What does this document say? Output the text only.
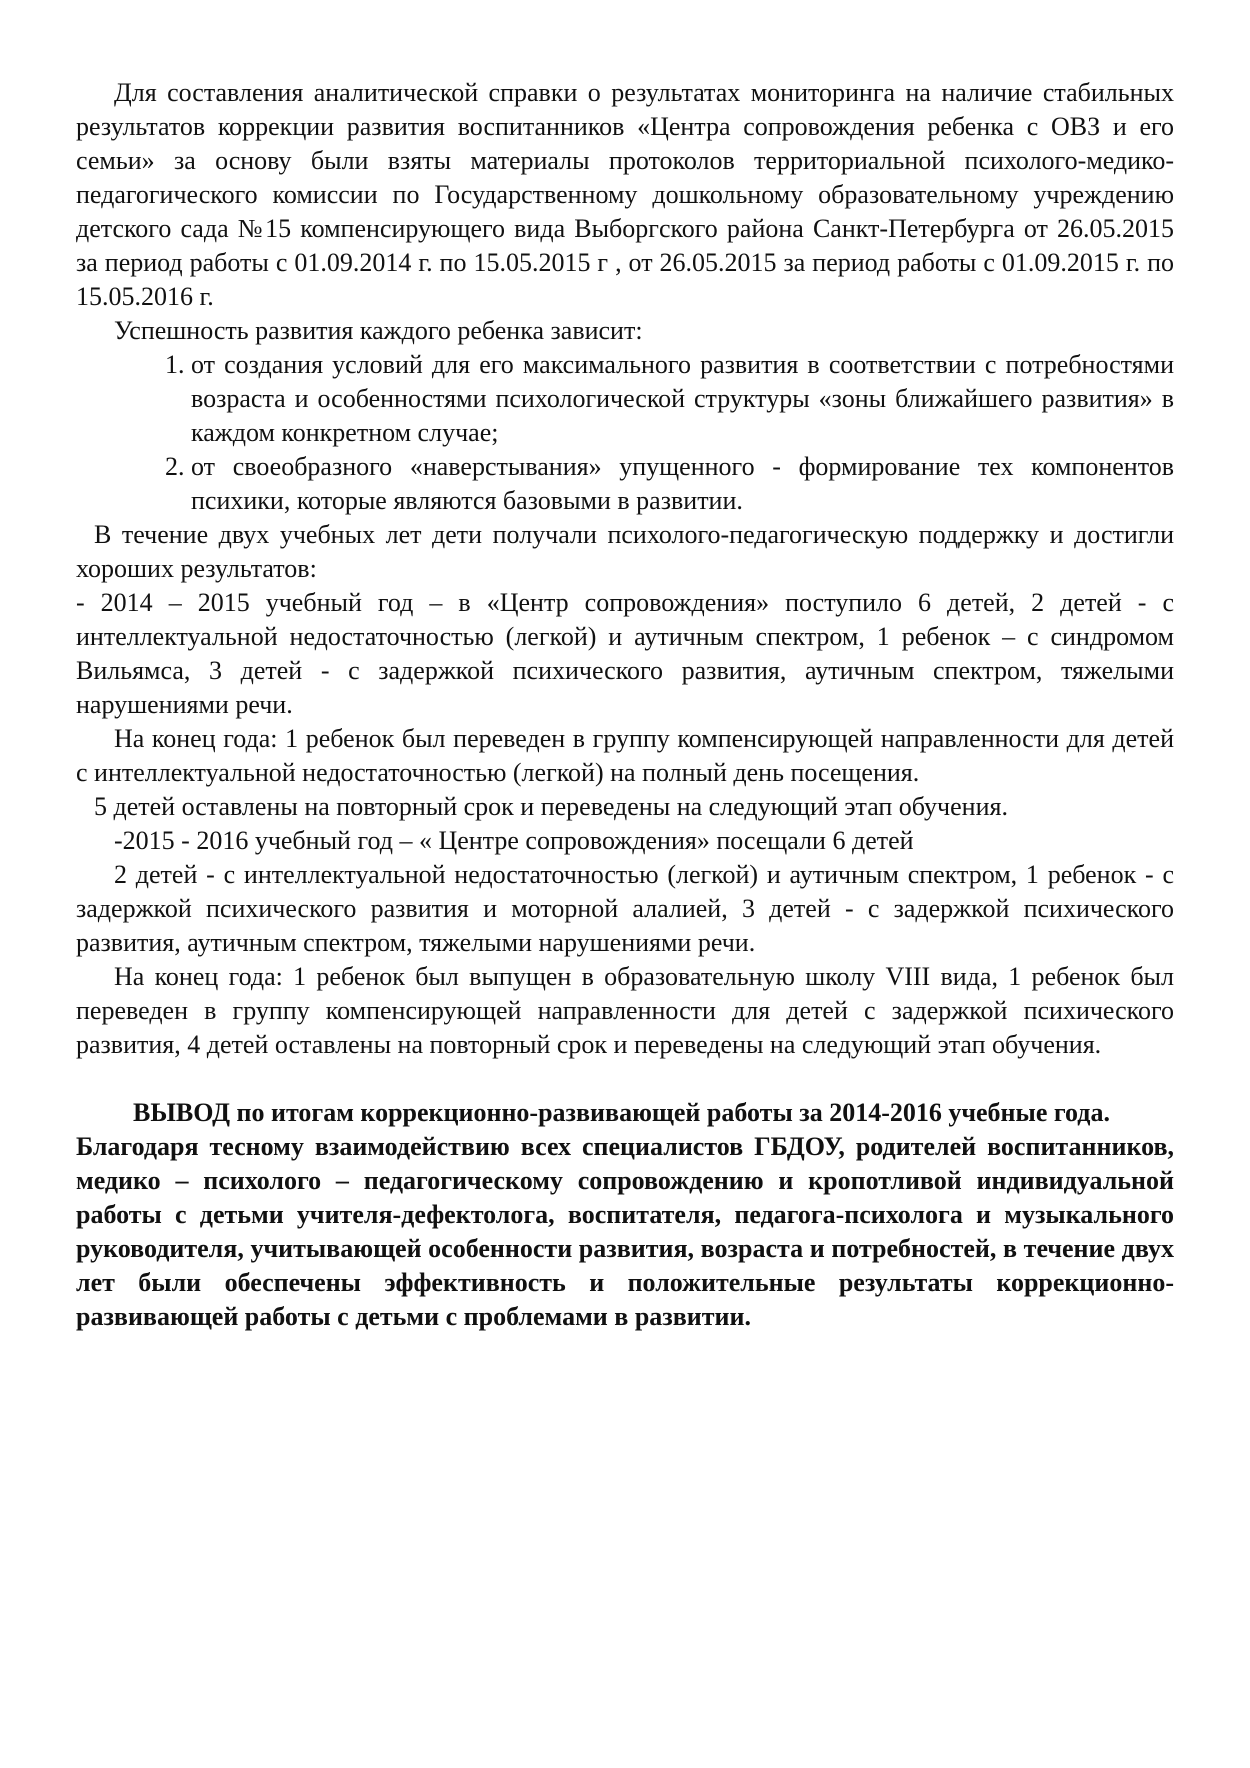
Для составления аналитической справки о результатах мониторинга на наличие стабильных результатов коррекции развития воспитанников «Центра сопровождения ребенка с ОВЗ и его семьи» за основу были взяты материалы протоколов территориальной психолого-медико-педагогического комиссии по Государственному дошкольному образовательному учреждению детского сада №15 компенсирующего вида Выборгского района Санкт-Петербурга от 26.05.2015 за период работы с 01.09.2014 г. по 15.05.2015 г , от 26.05.2015 за период работы с 01.09.2015 г. по 15.05.2016 г.

Успешность развития каждого ребенка зависит:

1. от создания условий для его максимального развития в соответствии с потребностями возраста и особенностями психологической структуры «зоны ближайшего развития» в каждом конкретном случае;
2. от своеобразного «наверстывания» упущенного - формирование тех компонентов психики, которые являются базовыми в развитии.

В течение двух учебных лет дети получали психолого-педагогическую поддержку и достигли хороших результатов:

- 2014 – 2015 учебный год – в «Центр сопровождения» поступило 6 детей, 2 детей - с интеллектуальной недостаточностью (легкой) и аутичным спектром, 1 ребенок – с синдромом Вильямса, 3 детей - с задержкой психического развития, аутичным спектром, тяжелыми нарушениями речи.

На конец года: 1 ребенок был переведен в группу компенсирующей направленности для детей с интеллектуальной недостаточностью (легкой) на полный день посещения.

5 детей оставлены на повторный срок и переведены на следующий этап обучения.

-2015 - 2016 учебный год – « Центре сопровождения» посещали 6 детей

2 детей - с интеллектуальной недостаточностью (легкой) и аутичным спектром, 1 ребенок - с задержкой психического развития и моторной алалией, 3 детей - с задержкой психического развития, аутичным спектром, тяжелыми нарушениями речи.

На конец года: 1 ребенок был выпущен в образовательную школу VIII вида, 1 ребенок был переведен в группу компенсирующей направленности для детей с задержкой психического развития, 4 детей оставлены на повторный срок и переведены на следующий этап обучения.

ВЫВОД по итогам коррекционно-развивающей работы за 2014-2016 учебные года.

Благодаря тесному взаимодействию всех специалистов ГБДОУ, родителей воспитанников, медико – психолого – педагогическому сопровождению и кропотливой индивидуальной работы с детьми учителя-дефектолога, воспитателя, педагога-психолога и музыкального руководителя, учитывающей особенности развития, возраста и потребностей, в течение двух лет были обеспечены эффективность и положительные результаты коррекционно-развивающей работы с детьми с проблемами в развитии.
